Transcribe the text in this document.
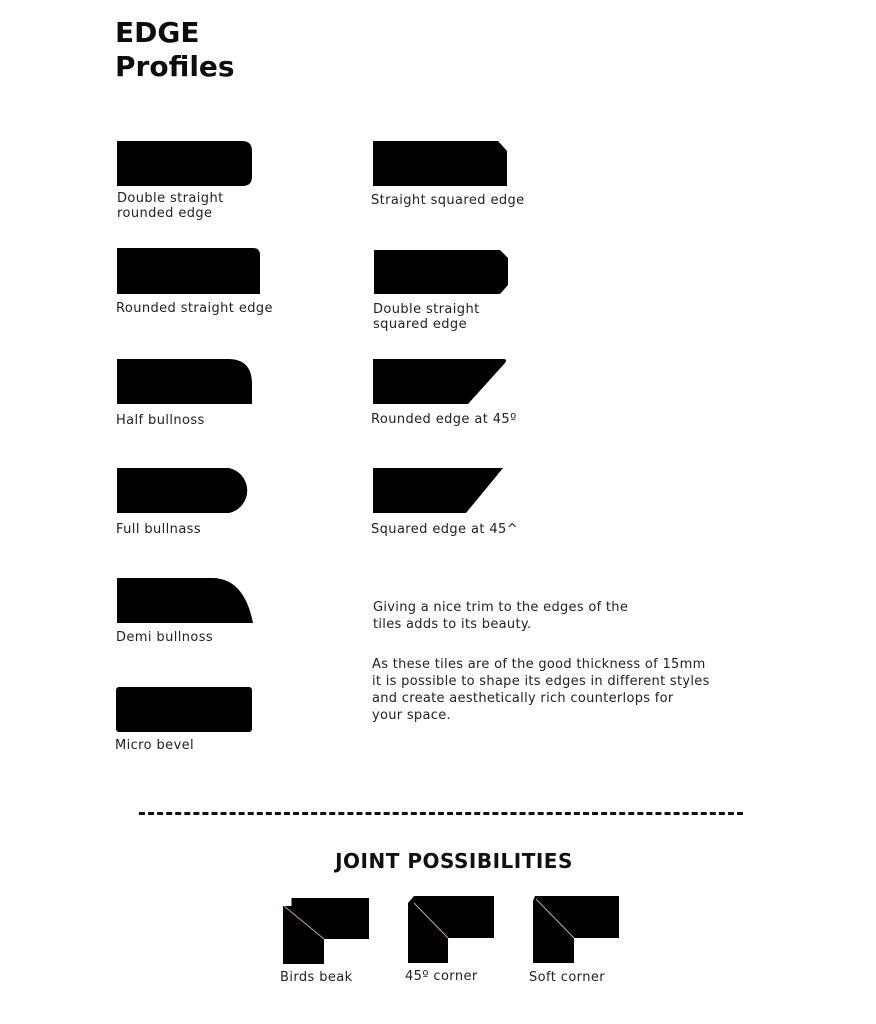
EDGE
Profiles
Double straight
rounded edge
Straight squared edge
Rounded straight edge	Double straight
squared edge
Half bullnoss	Rounded edge at 45º
Full bullnass	Squared edge at 45^
Demi bullnoss
Micro bevel
Giving a nice trim to the edges of the
tiles adds to its beauty.
As these tiles are of the good thickness of 15mm
it is possible to shape its edges in different styles
and create aesthetically rich counterlops for
your space.
JOINT POSSIBILITIES
Birds beak	45º corner	Soft corner
